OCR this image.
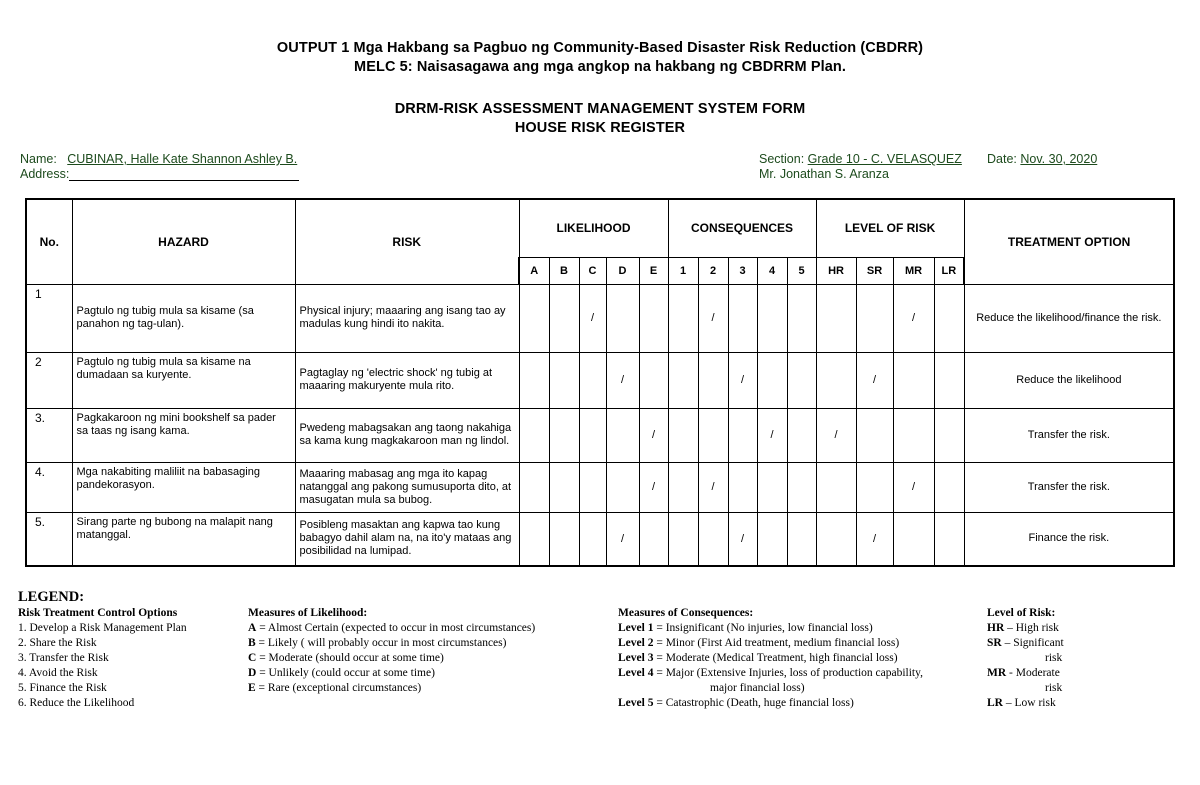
OUTPUT 1 Mga Hakbang sa Pagbuo ng Community-Based Disaster Risk Reduction (CBDRR)
MELC 5: Naisasagawa ang mga angkop na hakbang ng CBDRRM Plan.
DRRM-RISK ASSESSMENT MANAGEMENT SYSTEM FORM
HOUSE RISK REGISTER
Name: CUBINAR, Halle Kate Shannon Ashley B.
Address:
Section: Grade 10 - C. VELASQUEZ Date: Nov. 30, 2020
Mr. Jonathan S. Aranza
No.	HAZARD	RISK	LIKELIHOOD					CONSEQUENCES					LEVEL OF RISK				TREATMENT OPTION
			A	B	C	D	E	1	2	3	4	5	HR	SR	MR	LR	
1	Pagtulo ng tubig mula sa kisame (sa panahon ng tag-ulan).	Physical injury; maaaring ang isang tao ay madulas kung hindi ito nakita.			/				/						/		Reduce the likelihood/finance the risk.
2	Pagtulo ng tubig mula sa kisame na dumadaan sa kuryente.	Pagtaglay ng 'electric shock' ng tubig at maaaring makuryente mula rito.				/				/				/			Reduce the likelihood
3.	Pagkakaroon ng mini bookshelf sa pader sa taas ng isang kama.	Pwedeng mabagsakan ang taong nakahiga sa kama kung magkakaroon man ng lindol.					/				/		/				Transfer the risk.
4.	Mga nakabiting maliliit na babasaging pandekorasyon.	Maaaring mabasag ang mga ito kapag natanggal ang pakong sumusuporta dito, at masugatan mula sa bubog.					/		/						/		Transfer the risk.
5.	Sirang parte ng bubong na malapit nang matanggal.	Posibleng masaktan ang kapwa tao kung babagyo dahil alam na, na ito'y mataas ang posibilidad na lumipad.				/				/				/			Finance the risk.
LEGEND:
Risk Treatment Control Options
1. Develop a Risk Management Plan
2. Share the Risk
3. Transfer the Risk
4. Avoid the Risk
5. Finance the Risk
6. Reduce the Likelihood
Measures of Likelihood:
A = Almost Certain (expected to occur in most circumstances)
B = Likely ( will probably occur in most circumstances)
C = Moderate (should occur at some time)
D = Unlikely (could occur at some time)
E = Rare (exceptional circumstances)
Measures of Consequences:
Level 1 = Insignificant (No injuries, low financial loss)
Level 2 = Minor (First Aid treatment, medium financial loss)
Level 3 = Moderate (Medical Treatment, high financial loss)
Level 4 = Major (Extensive Injuries, loss of production capability,
major financial loss)
Level 5 = Catastrophic (Death, huge financial loss)
Level of Risk:
HR – High risk
SR – Significant
risk
MR - Moderate
risk
LR – Low risk
